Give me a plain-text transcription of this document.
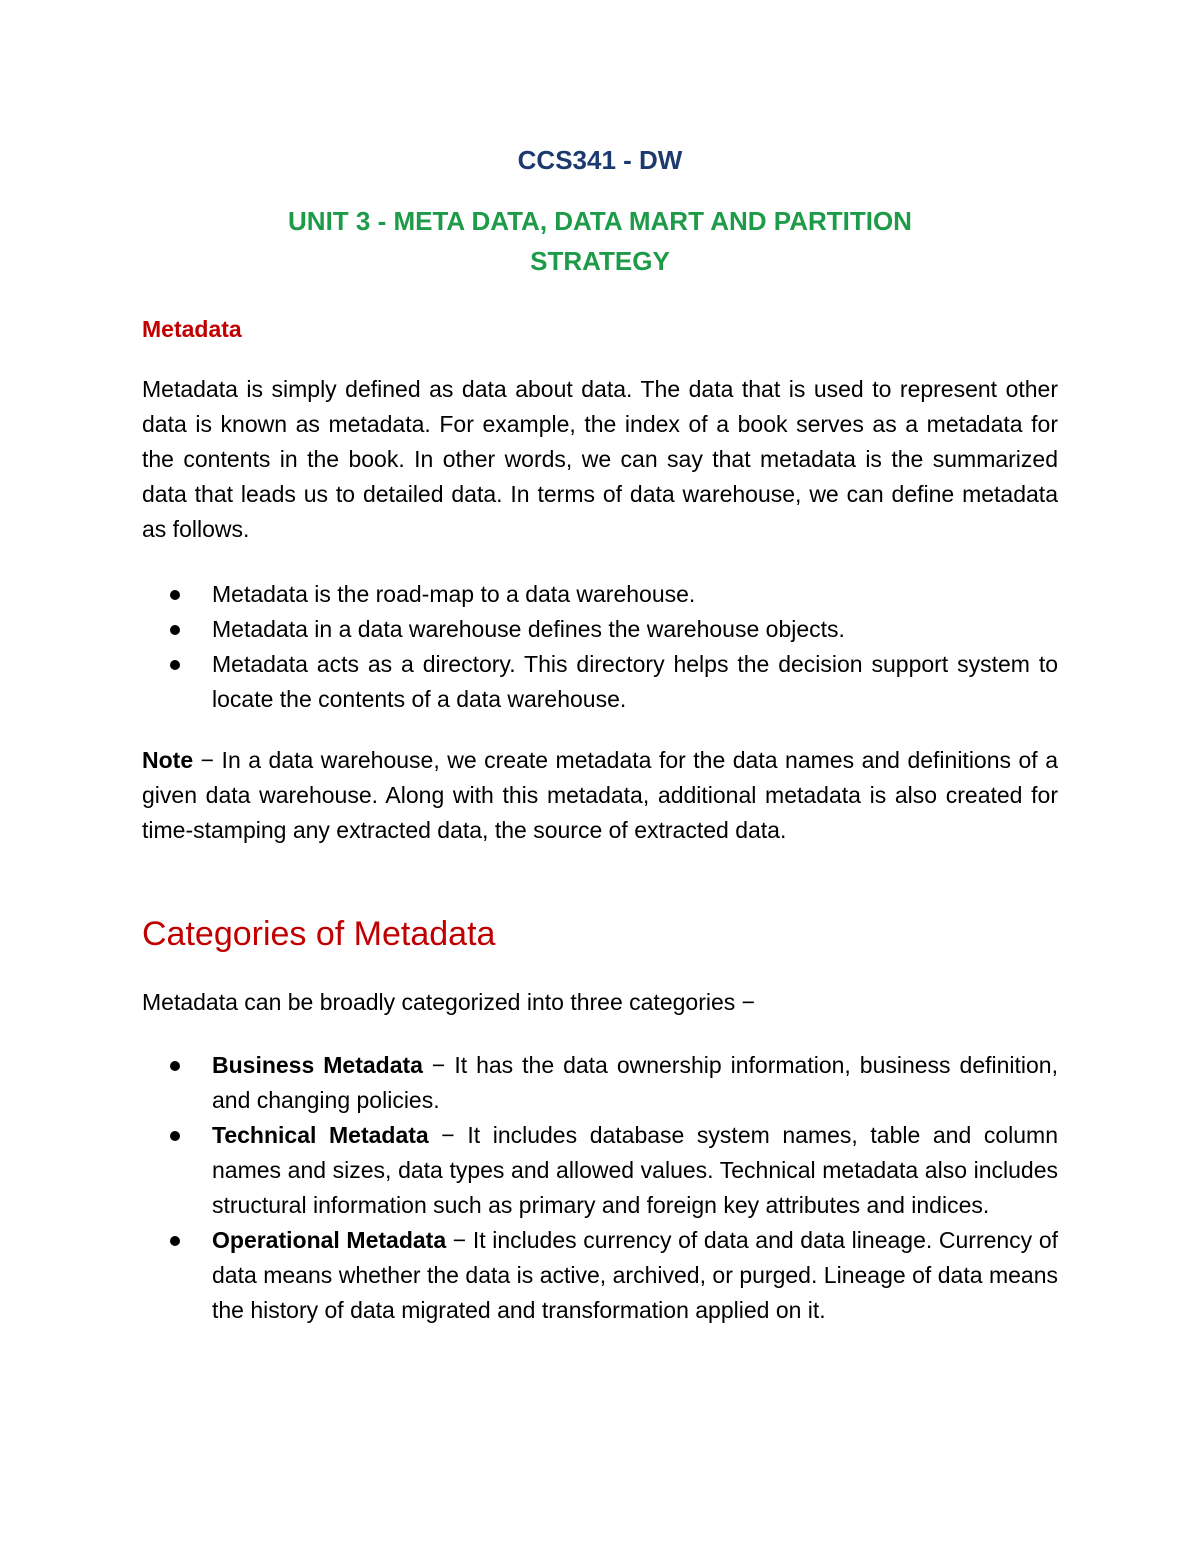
CCS341 - DW
UNIT 3 - META DATA, DATA MART AND PARTITION
STRATEGY
Metadata

Metadata is simply defined as data about data. The data that is used to represent other data is known as metadata. For example, the index of a book serves as a metadata for the contents in the book. In other words, we can say that metadata is the summarized data that leads us to detailed data. In terms of data warehouse, we can define metadata as follows.

Metadata is the road-map to a data warehouse.
Metadata in a data warehouse defines the warehouse objects.
Metadata acts as a directory. This directory helps the decision support system to locate the contents of a data warehouse.

Note − In a data warehouse, we create metadata for the data names and definitions of a given data warehouse. Along with this metadata, additional metadata is also created for time-stamping any extracted data, the source of extracted data.

Categories of Metadata

Metadata can be broadly categorized into three categories −

Business Metadata − It has the data ownership information, business definition, and changing policies.
Technical Metadata − It includes database system names, table and column names and sizes, data types and allowed values. Technical metadata also includes structural information such as primary and foreign key attributes and indices.
Operational Metadata − It includes currency of data and data lineage. Currency of data means whether the data is active, archived, or purged. Lineage of data means the history of data migrated and transformation applied on it.
